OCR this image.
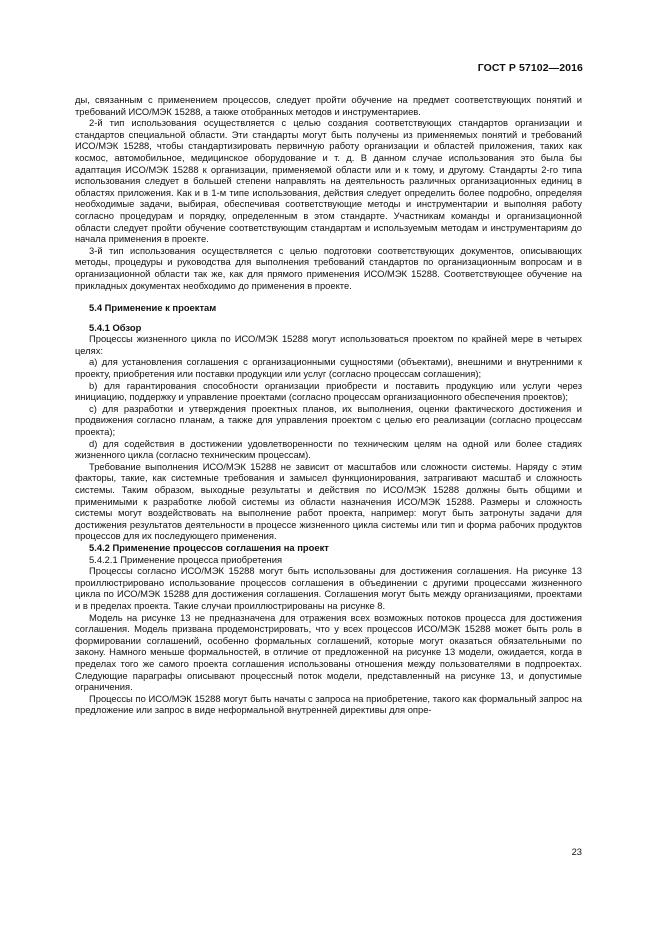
ГОСТ Р 57102—2016

ды, связанным с применением процессов, следует пройти обучение на предмет соответствующих понятий и требований ИСО/МЭК 15288, а также отобранных методов и инструментариев.

2-й тип использования осуществляется с целью создания соответствующих стандартов организации и стандартов специальной области. Эти стандарты могут быть получены из применяемых понятий и требований ИСО/МЭК 15288, чтобы стандартизировать первичную работу организации и областей приложения, таких как космос, автомобильное, медицинское оборудование и т. д. В данном случае использования это была бы адаптация ИСО/МЭК 15288 к организации, применяемой области или и к тому, и другому. Стандарты 2-го типа использования следует в большей степени направлять на деятельность различных организационных единиц в областях приложения. Как и в 1-м типе использования, действия следует определить более подробно, определяя необходимые задачи, выбирая, обеспечивая соответствующие методы и инструментарии и выполняя работу согласно процедурам и порядку, определенным в этом стандарте. Участникам команды и организационной области следует пройти обучение соответствующим стандартам и используемым методам и инструментариям до начала применения в проекте.

3-й тип использования осуществляется с целью подготовки соответствующих документов, описывающих методы, процедуры и руководства для выполнения требований стандартов по организационным вопросам и в организационной области так же, как для прямого применения ИСО/МЭК 15288. Соответствующее обучение на прикладных документах необходимо до применения в проекте.

5.4 Применение к проектам
5.4.1 Обзор

Процессы жизненного цикла по ИСО/МЭК 15288 могут использоваться проектом по крайней мере в четырех целях:

a) для установления соглашения с организационными сущностями (объектами), внешними и внутренними к проекту, приобретения или поставки продукции или услуг (согласно процессам соглашения);

b) для гарантирования способности организации приобрести и поставить продукцию или услуги через инициацию, поддержку и управление проектами (согласно процессам организационного обеспечения проектов);

c) для разработки и утверждения проектных планов, их выполнения, оценки фактического достижения и продвижения согласно планам, а также для управления проектом с целью его реализации (согласно процессам проекта);

d) для содействия в достижении удовлетворенности по техническим целям на одной или более стадиях жизненного цикла (согласно техническим процессам).

Требование выполнения ИСО/МЭК 15288 не зависит от масштабов или сложности системы. Наряду с этим факторы, такие, как системные требования и замысел функционирования, затрагивают масштаб и сложность системы. Таким образом, выходные результаты и действия по ИСО/МЭК 15288 должны быть общими и применимыми к разработке любой системы из области назначения ИСО/МЭК 15288. Размеры и сложность системы могут воздействовать на выполнение работ проекта, например: могут быть затронуты задачи для достижения результатов деятельности в процессе жизненного цикла системы или тип и форма рабочих продуктов процессов для их последующего применения.

5.4.2 Применение процессов соглашения на проект

5.4.2.1 Применение процесса приобретения

Процессы согласно ИСО/МЭК 15288 могут быть использованы для достижения соглашения. На рисунке 13 проиллюстрировано использование процессов соглашения в объединении с другими процессами жизненного цикла по ИСО/МЭК 15288 для достижения соглашения. Соглашения могут быть между организациями, проектами и в пределах проекта. Такие случаи проиллюстрированы на рисунке 8.

Модель на рисунке 13 не предназначена для отражения всех возможных потоков процесса для достижения соглашения. Модель призвана продемонстрировать, что у всех процессов ИСО/МЭК 15288 может быть роль в формировании соглашений, особенно формальных соглашений, которые могут оказаться обязательными по закону. Намного меньше формальностей, в отличие от предложенной на рисунке 13 модели, ожидается, когда в пределах того же самого проекта соглашения использованы отношения между пользователями в подпроектах. Следующие параграфы описывают процессный поток модели, представленный на рисунке 13, и допустимые ограничения.

Процессы по ИСО/МЭК 15288 могут быть начаты с запроса на приобретение, такого как формальный запрос на предложение или запрос в виде неформальной внутренней директивы для опре-

23
